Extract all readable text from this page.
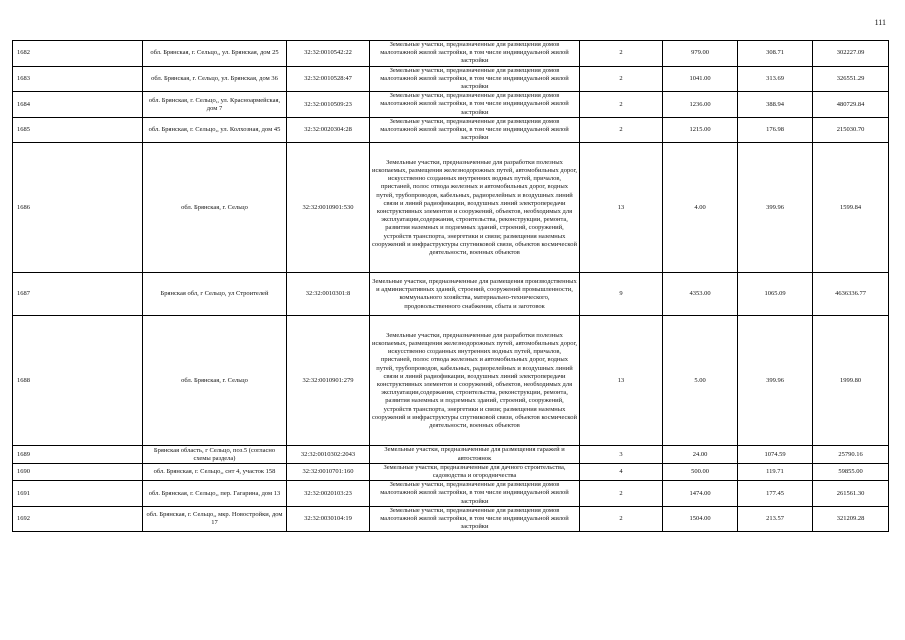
111
1682	обл. Брянская, г. Сельцо,, ул. Брянская, дом 25	32:32:0010542:22	Земельные участки, предназначенные для размещения домов малоэтажной жилой застройки, в том числе индивидуальной жилой застройки	2	979.00	308.71	302227.09
1683	обл. Брянская, г. Сельцо, ул. Брянская, дом 36	32:32:0010528:47	Земельные участки, предназначенные для размещения домов малоэтажной жилой застройки, в том числе индивидуальной жилой застройки	2	1041.00	313.69	326551.29
1684	обл. Брянская, г. Сельцо,, ул. Красноармейская, дом 7	32:32:0010509:23	Земельные участки, предназначенные для размещения домов малоэтажной жилой застройки, в том числе индивидуальной жилой застройки	2	1236.00	388.94	480729.84
1685	обл. Брянская, г. Сельцо,, ул. Колхозная, дом 45	32:32:0020304:28	Земельные участки, предназначенные для размещения домов малоэтажной жилой застройки, в том числе индивидуальной жилой застройки	2	1215.00	176.98	215030.70
1686	обл. Брянская, г. Сельцо	32:32:0010901:530	Земельные участки, предназначенные для разработки полезных ископаемых, размещения железнодорожных путей, автомобильных дорог, искусственно созданных внутренних водных путей, причалов, пристаней, полос отвода железных и автомобильных дорог, водных путей, трубопроводов, кабельных, радиорелейных и воздушных линий связи и линий радиофикации, воздушных линий электропередачи конструктивных элементов и сооружений, объектов, необходимых для эксплуатации,содержания, строительства, реконструкции, ремонта, развития наземных и подземных зданий, строений, сооружений, устройств транспорта, энергетики и связи; размещения наземных сооружений и инфраструктуры спутниковой связи, объектов космической деятельности, военных объектов	13	4.00	399.96	1599.84
1687	Брянская обл, г Сельцо, ул Строителей	32:32:0010301:8	Земельные участки, предназначенные для размещения производственных и административных зданий, строений, сооружений промышленности, коммунального хозяйства, материально-технического, продовольственного снабжения, сбыта и заготовок	9	4353.00	1065.09	4636336.77
1688	обл. Брянская, г. Сельцо	32:32:0010901:279	Земельные участки, предназначенные для разработки полезных ископаемых, размещения железнодорожных путей, автомобильных дорог, искусственно созданных внутренних водных путей, причалов, пристаней, полос отвода железных и автомобильных дорог, водных путей, трубопроводов, кабельных, радиорелейных и воздушных линий связи и линий радиофикации, воздушных линий электропередачи конструктивных элементов и сооружений, объектов, необходимых для эксплуатации,содержания, строительства, реконструкции, ремонта, развития наземных и подземных зданий, строений, сооружений, устройств транспорта, энергетики и связи; размещения наземных сооружений и инфраструктуры спутниковой связи, объектов космической деятельности, военных объектов	13	5.00	399.96	1999.80
1689	Брянская область, г Сельцо, поз.5 (согласно схемы раздела)	32:32:0010302:2043	Земельные участки, предназначенные для размещения гаражей и автостоянок	3	24.00	1074.59	25790.16
1690	обл. Брянская, г. Сельцо,, снт 4, участок 158	32:32:0010701:160	Земельные участки, предназначенные для дачного строительства, садоводства и огородничества	4	500.00	119.71	59855.00
1691	обл. Брянская, г. Сельцо,, пер. Гагарина, дом 13	32:32:0020103:23	Земельные участки, предназначенные для размещения домов малоэтажной жилой застройки, в том числе индивидуальной жилой застройки	2	1474.00	177.45	261561.30
1692	обл. Брянская, г. Сельцо,, мкр. Новостройки, дом 17	32:32:0030104:19	Земельные участки, предназначенные для размещения домов малоэтажной жилой застройки, в том числе индивидуальной жилой застройки	2	1504.00	213.57	321209.28
